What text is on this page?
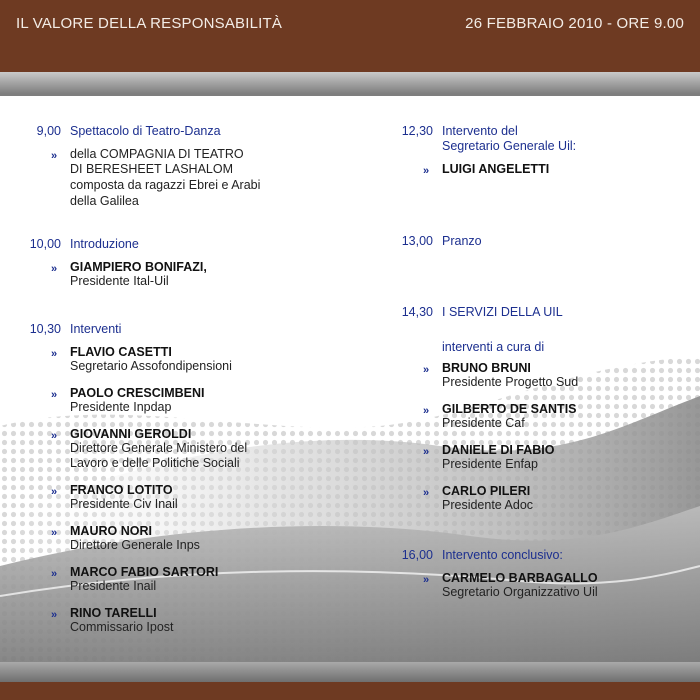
IL VALORE DELLA RESPONSABILITÀ	26 FEBBRAIO 2010 - ORE 9.00
9,00 Spettacolo di Teatro-Danza
» della COMPAGNIA DI TEATRO
DI BERESHEET LASHALOM
composta da ragazzi Ebrei e Arabi
della Galilea
10,00 Introduzione
» GIAMPIERO BONIFAZI,
Presidente Ital-Uil
10,30 Interventi
» FLAVIO CASETTI
Segretario Assofondipensioni
» PAOLO CRESCIMBENI
Presidente Inpdap
» GIOVANNI GEROLDI
Direttore Generale Ministero del
Lavoro e delle Politiche Sociali
» FRANCO LOTITO
Presidente Civ Inail
» MAURO NORI
Direttore Generale Inps
» MARCO FABIO SARTORI
Presidente Inail
» RINO TARELLI
Commissario Ipost
12,30 Intervento del
Segretario Generale Uil:
» LUIGI ANGELETTI
13,00 Pranzo
14,30 I SERVIZI DELLA UIL
interventi a cura di
» BRUNO BRUNI
Presidente Progetto Sud
» GILBERTO DE SANTIS
Presidente Caf
» DANIELE DI FABIO
Presidente Enfap
» CARLO PILERI
Presidente Adoc
16,00 Intervento conclusivo:
» CARMELO BARBAGALLO
Segretario Organizzativo Uil
